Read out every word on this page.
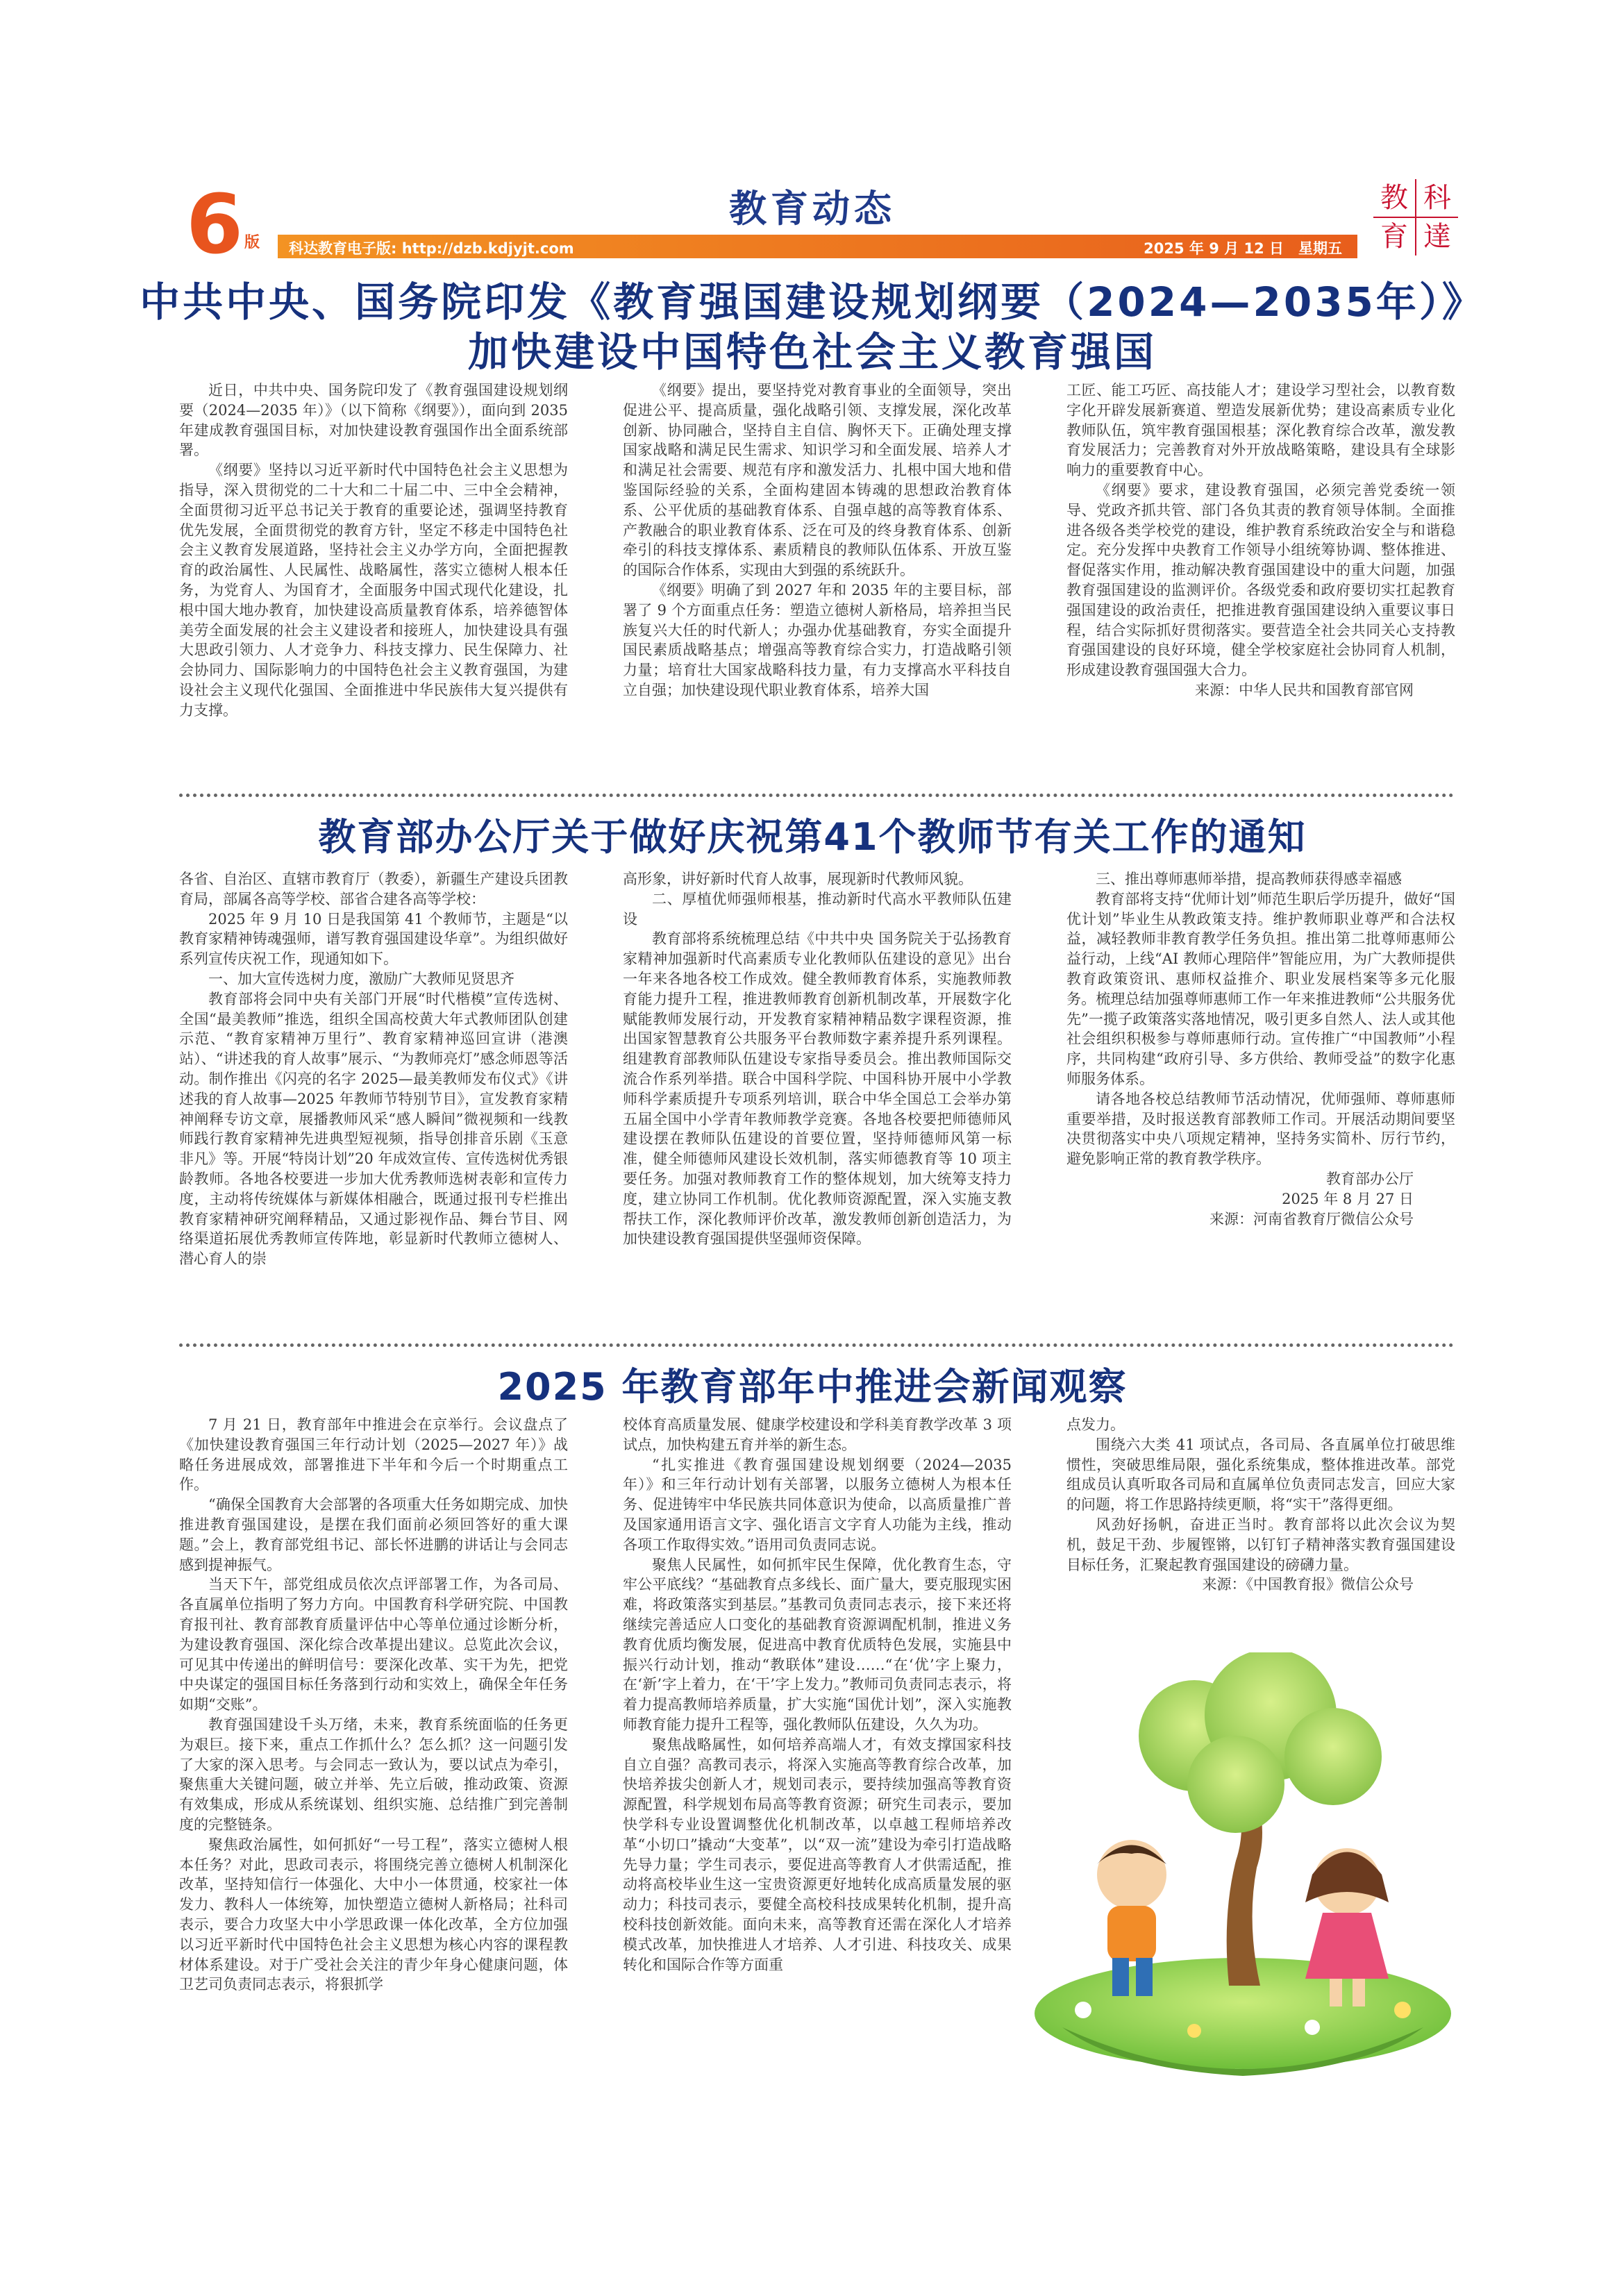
6 版
教育动态	教 科
育 達
科达教育电子版: http://dzb.kdjyjt.com	2025 年 9 月 12 日　星期五
中共中央、国务院印发《教育强国建设规划纲要（2024—2035年）》
加快建设中国特色社会主义教育强国

近日，中共中央、国务院印发了《教育强国建设规划纲要（2024—2035 年）》（以下简称《纲要》），面向到 2035 年建成教育强国目标，对加快建设教育强国作出全面系统部署。

《纲要》坚持以习近平新时代中国特色社会主义思想为指导，深入贯彻党的二十大和二十届二中、三中全会精神，全面贯彻习近平总书记关于教育的重要论述，强调坚持教育优先发展，全面贯彻党的教育方针，坚定不移走中国特色社会主义教育发展道路，坚持社会主义办学方向，全面把握教育的政治属性、人民属性、战略属性，落实立德树人根本任务，为党育人、为国育才，全面服务中国式现代化建设，扎根中国大地办教育，加快建设高质量教育体系，培养德智体美劳全面发展的社会主义建设者和接班人，加快建设具有强大思政引领力、人才竞争力、科技支撑力、民生保障力、社会协同力、国际影响力的中国特色社会主义教育强国，为建设社会主义现代化强国、全面推进中华民族伟大复兴提供有力支撑。

《纲要》提出，要坚持党对教育事业的全面领导，突出促进公平、提高质量，强化战略引领、支撑发展，深化改革创新、协同融合，坚持自主自信、胸怀天下。正确处理支撑国家战略和满足民生需求、知识学习和全面发展、培养人才和满足社会需要、规范有序和激发活力、扎根中国大地和借鉴国际经验的关系，全面构建固本铸魂的思想政治教育体系、公平优质的基础教育体系、自强卓越的高等教育体系、产教融合的职业教育体系、泛在可及的终身教育体系、创新牵引的科技支撑体系、素质精良的教师队伍体系、开放互鉴的国际合作体系，实现由大到强的系统跃升。

《纲要》明确了到 2027 年和 2035 年的主要目标，部署了 9 个方面重点任务：塑造立德树人新格局，培养担当民族复兴大任的时代新人；办强办优基础教育，夯实全面提升国民素质战略基点；增强高等教育综合实力，打造战略引领力量；培育壮大国家战略科技力量，有力支撑高水平科技自立自强；加快建设现代职业教育体系，培养大国

工匠、能工巧匠、高技能人才；建设学习型社会，以教育数字化开辟发展新赛道、塑造发展新优势；建设高素质专业化教师队伍，筑牢教育强国根基；深化教育综合改革，激发教育发展活力；完善教育对外开放战略策略，建设具有全球影响力的重要教育中心。

《纲要》要求，建设教育强国，必须完善党委统一领导、党政齐抓共管、部门各负其责的教育领导体制。全面推进各级各类学校党的建设，维护教育系统政治安全与和谐稳定。充分发挥中央教育工作领导小组统筹协调、整体推进、督促落实作用，推动解决教育强国建设中的重大问题，加强教育强国建设的监测评价。各级党委和政府要切实扛起教育强国建设的政治责任，把推进教育强国建设纳入重要议事日程，结合实际抓好贯彻落实。要营造全社会共同关心支持教育强国建设的良好环境，健全学校家庭社会协同育人机制，形成建设教育强国强大合力。

来源：中华人民共和国教育部官网

教育部办公厅关于做好庆祝第41个教师节有关工作的通知

各省、自治区、直辖市教育厅（教委），新疆生产建设兵团教育局，部属各高等学校、部省合建各高等学校：

2025 年 9 月 10 日是我国第 41 个教师节，主题是“以教育家精神铸魂强师，谱写教育强国建设华章”。为组织做好系列宣传庆祝工作，现通知如下。

一、加大宣传选树力度，激励广大教师见贤思齐

教育部将会同中央有关部门开展“时代楷模”宣传选树、全国“最美教师”推选，组织全国高校黄大年式教师团队创建示范、“教育家精神万里行”、教育家精神巡回宣讲（港澳站）、“讲述我的育人故事”展示、“为教师亮灯”感念师恩等活动。制作推出《闪亮的名字 2025—最美教师发布仪式》《讲述我的育人故事—2025 年教师节特别节目》，宣发教育家精神阐释专访文章，展播教师风采“感人瞬间”微视频和一线教师践行教育家精神先进典型短视频，指导创排音乐剧《玉意非凡》等。开展“特岗计划”20 年成效宣传、宣传选树优秀银龄教师。各地各校要进一步加大优秀教师选树表彰和宣传力度，主动将传统媒体与新媒体相融合，既通过报刊专栏推出教育家精神研究阐释精品，又通过影视作品、舞台节目、网络渠道拓展优秀教师宣传阵地，彰显新时代教师立德树人、潜心育人的崇

高形象，讲好新时代育人故事，展现新时代教师风貌。

二、厚植优师强师根基，推动新时代高水平教师队伍建设

教育部将系统梳理总结《中共中央 国务院关于弘扬教育家精神加强新时代高素质专业化教师队伍建设的意见》出台一年来各地各校工作成效。健全教师教育体系，实施教师教育能力提升工程，推进教师教育创新机制改革，开展数字化赋能教师发展行动，开发教育家精神精品数字课程资源，推出国家智慧教育公共服务平台教师数字素养提升系列课程。组建教育部教师队伍建设专家指导委员会。推出教师国际交流合作系列举措。联合中国科学院、中国科协开展中小学教师科学素质提升专项系列培训，联合中华全国总工会举办第五届全国中小学青年教师教学竞赛。各地各校要把师德师风建设摆在教师队伍建设的首要位置，坚持师德师风第一标准，健全师德师风建设长效机制，落实师德教育等 10 项主要任务。加强对教师教育工作的整体规划，加大统筹支持力度，建立协同工作机制。优化教师资源配置，深入实施支教帮扶工作，深化教师评价改革，激发教师创新创造活力，为加快建设教育强国提供坚强师资保障。

三、推出尊师惠师举措，提高教师获得感幸福感

教育部将支持“优师计划”师范生职后学历提升，做好“国优计划”毕业生从教政策支持。维护教师职业尊严和合法权益，减轻教师非教育教学任务负担。推出第二批尊师惠师公益行动，上线“AI 教师心理陪伴”智能应用，为广大教师提供教育政策资讯、惠师权益推介、职业发展档案等多元化服务。梳理总结加强尊师惠师工作一年来推进教师“公共服务优先”一揽子政策落实落地情况，吸引更多自然人、法人或其他社会组织积极参与尊师惠师行动。宣传推广“中国教师”小程序，共同构建“政府引导、多方供给、教师受益”的数字化惠师服务体系。

请各地各校总结教师节活动情况，优师强师、尊师惠师重要举措，及时报送教育部教师工作司。开展活动期间要坚决贯彻落实中央八项规定精神，坚持务实简朴、厉行节约，避免影响正常的教育教学秩序。

教育部办公厅

2025 年 8 月 27 日

来源：河南省教育厅微信公众号

2025 年教育部年中推进会新闻观察

7 月 21 日，教育部年中推进会在京举行。会议盘点了《加快建设教育强国三年行动计划（2025—2027 年）》战略任务进展成效，部署推进下半年和今后一个时期重点工作。

“确保全国教育大会部署的各项重大任务如期完成、加快推进教育强国建设，是摆在我们面前必须回答好的重大课题。”会上，教育部党组书记、部长怀进鹏的讲话让与会同志感到提神振气。

当天下午，部党组成员依次点评部署工作，为各司局、各直属单位指明了努力方向。中国教育科学研究院、中国教育报刊社、教育部教育质量评估中心等单位通过诊断分析，为建设教育强国、深化综合改革提出建议。总览此次会议，可见其中传递出的鲜明信号：要深化改革、实干为先，把党中央谋定的强国目标任务落到行动和实效上，确保全年任务如期“交账”。

教育强国建设千头万绪，未来，教育系统面临的任务更为艰巨。接下来，重点工作抓什么？怎么抓？这一问题引发了大家的深入思考。与会同志一致认为，要以试点为牵引，聚焦重大关键问题，破立并举、先立后破，推动政策、资源有效集成，形成从系统谋划、组织实施、总结推广到完善制度的完整链条。

聚焦政治属性，如何抓好“一号工程”，落实立德树人根本任务？对此，思政司表示，将围绕完善立德树人机制深化改革，坚持知信行一体强化、大中小一体贯通，校家社一体发力、教科人一体统筹，加快塑造立德树人新格局；社科司表示，要合力攻坚大中小学思政课一体化改革，全方位加强以习近平新时代中国特色社会主义思想为核心内容的课程教材体系建设。对于广受社会关注的青少年身心健康问题，体卫艺司负责同志表示，将狠抓学

校体育高质量发展、健康学校建设和学科美育教学改革 3 项试点，加快构建五育并举的新生态。

“扎实推进《教育强国建设规划纲要（2024—2035 年）》和三年行动计划有关部署，以服务立德树人为根本任务、促进铸牢中华民族共同体意识为使命，以高质量推广普及国家通用语言文字、强化语言文字育人功能为主线，推动各项工作取得实效。”语用司负责同志说。

聚焦人民属性，如何抓牢民生保障，优化教育生态，守牢公平底线？“基础教育点多线长、面广量大，要克服现实困难，将政策落实到基层。”基教司负责同志表示，接下来还将继续完善适应人口变化的基础教育资源调配机制，推进义务教育优质均衡发展，促进高中教育优质特色发展，实施县中振兴行动计划，推动“教联体”建设……“在‘优’字上聚力，在‘新’字上着力，在‘干’字上发力。”教师司负责同志表示，将着力提高教师培养质量，扩大实施“国优计划”，深入实施教师教育能力提升工程等，强化教师队伍建设，久久为功。

聚焦战略属性，如何培养高端人才，有效支撑国家科技自立自强？高教司表示，将深入实施高等教育综合改革，加快培养拔尖创新人才，规划司表示，要持续加强高等教育资源配置，科学规划布局高等教育资源；研究生司表示，要加快学科专业设置调整优化机制改革，以卓越工程师培养改革“小切口”撬动“大变革”，以“双一流”建设为牵引打造战略先导力量；学生司表示，要促进高等教育人才供需适配，推动将高校毕业生这一宝贵资源更好地转化成高质量发展的驱动力；科技司表示，要健全高校科技成果转化机制，提升高校科技创新效能。面向未来，高等教育还需在深化人才培养模式改革，加快推进人才培养、人才引进、科技攻关、成果转化和国际合作等方面重

点发力。

围绕六大类 41 项试点，各司局、各直属单位打破思维惯性，突破思维局限，强化系统集成，整体推进改革。部党组成员认真听取各司局和直属单位负责同志发言，回应大家的问题，将工作思路持续更顺，将“实干”落得更细。

风劲好扬帆，奋进正当时。教育部将以此次会议为契机，鼓足干劲、步履铿锵，以钉钉子精神落实教育强国建设目标任务，汇聚起教育强国建设的磅礴力量。

来源：《中国教育报》微信公众号
